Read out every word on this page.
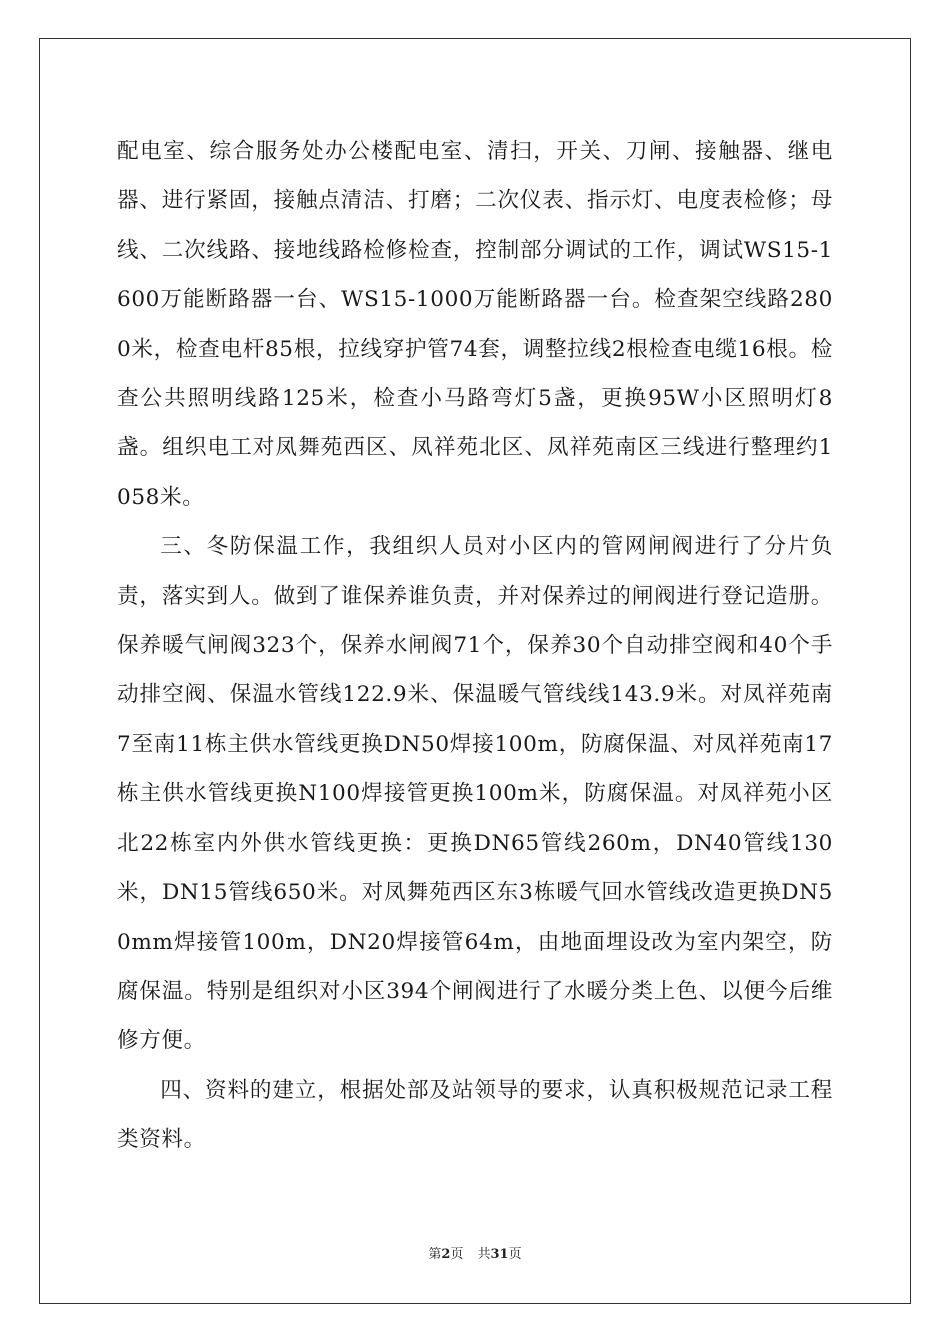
配电室、综合服务处办公楼配电室、清扫，开关、刀闸、接触器、继电器、进行紧固，接触点清洁、打磨；二次仪表、指示灯、电度表检修；母线、二次线路、接地线路检修检查，控制部分调试的工作，调试WS15-1600万能断路器一台、WS15-1000万能断路器一台。检查架空线路2800米，检查电杆85根，拉线穿护管74套，调整拉线2根检查电缆16根。检查公共照明线路125米，检查小马路弯灯5盏，更换95W小区照明灯8盏。组织电工对凤舞苑西区、凤祥苑北区、凤祥苑南区三线进行整理约1058米。

三、冬防保温工作，我组织人员对小区内的管网闸阀进行了分片负责，落实到人。做到了谁保养谁负责，并对保养过的闸阀进行登记造册。保养暖气闸阀323个，保养水闸阀71个，保养30个自动排空阀和40个手动排空阀、保温水管线122.9米、保温暖气管线线143.9米。对凤祥苑南7至南11栋主供水管线更换DN50焊接100m，防腐保温、对凤祥苑南17栋主供水管线更换N100焊接管更换100m米，防腐保温。对凤祥苑小区北22栋室内外供水管线更换：更换DN65管线260m，DN40管线130米，DN15管线650米。对凤舞苑西区东3栋暖气回水管线改造更换DN50mm焊接管100m，DN20焊接管64m，由地面埋设改为室内架空，防腐保温。特别是组织对小区394个闸阀进行了水暖分类上色、以便今后维修方便。

四、资料的建立，根据处部及站领导的要求，认真积极规范记录工程类资料。

第2页 共31页
